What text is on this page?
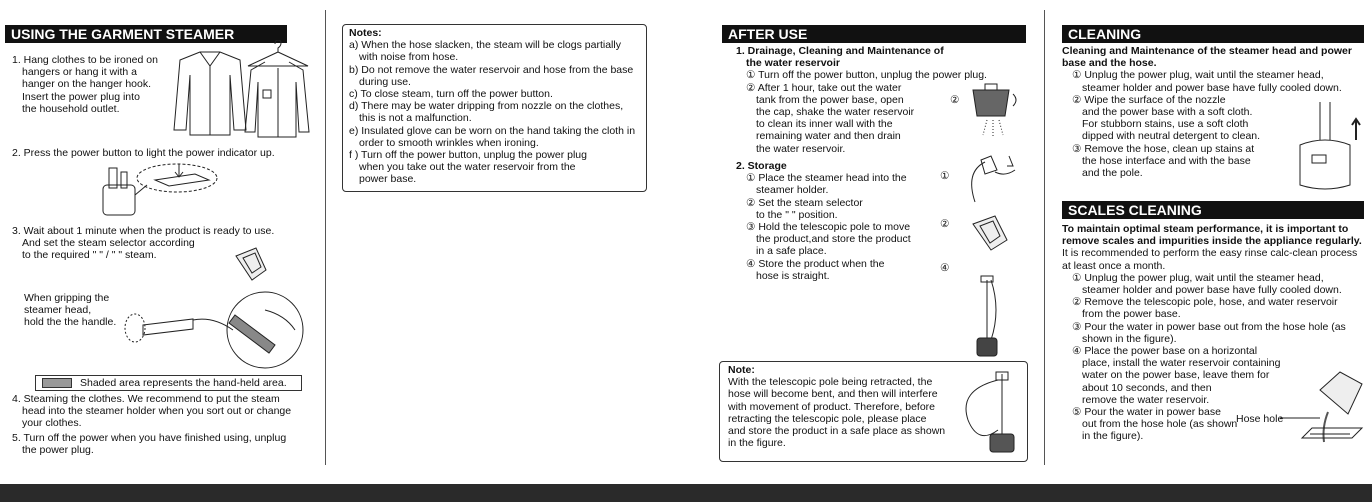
USING THE GARMENT STEAMER
1. Hang clothes to be ironed on
hangers or hang it with a
hanger on the hanger hook.
Insert the power plug into
the household outlet.
2. Press the power button to light the power indicator up.
3. Wait about 1 minute when the product is ready to use.
And set the steam selector according
to the required " " / " " steam.
When gripping the
steamer head,
hold the the handle.
Shaded area represents the hand-held area.
4. Steaming the clothes. We recommend to put the steam
head into the steamer holder when you sort out or change
your clothes.
5. Turn off the power when you have finished using, unplug
the power plug.
Notes:
a) When the hose slacken, the steam will be clogs partially
with noise from hose.
b) Do not remove the water reservoir and hose from the base
during use.
c) To close steam, turn off the power button.
d) There may be water dripping from nozzle on the clothes,
this is not a malfunction.
e) Insulated glove can be worn on the hand taking the cloth in
order to smooth wrinkles when ironing.
f ) Turn off the power button, unplug the power plug
when you take out the water reservoir from the
power base.
AFTER USE
1. Drainage, Cleaning and Maintenance of
the water reservoir
① Turn off the power button, unplug the power plug.
② After 1 hour, take out the water
tank from the power base, open
the cap, shake the water reservoir
to clean its inner wall with the
remaining water and then drain
the water reservoir.
②
2. Storage
① Place the steamer head into the
steamer holder.
② Set the steam selector
to the " " position.
③ Hold the telescopic pole to move
the product,and store the product
in a safe place.
④ Store the product when the
hose is straight.
①
②
④
Note:
With the telescopic pole being retracted, the
hose will become bent, and then will interfere
with movement of product. Therefore, before
retracting the telescopic pole, please place
and store the product in a safe place as shown
in the figure.
CLEANING
Cleaning and Maintenance of the steamer head and power
base and the hose.
① Unplug the power plug, wait until the steamer head,
steamer holder and power base have fully cooled down.
② Wipe the surface of the nozzle
and the power base with a soft cloth.
For stubborn stains, use a soft cloth
dipped with neutral detergent to clean.
③ Remove the hose, clean up stains at
the hose interface and with the base
and the pole.
SCALES CLEANING
To maintain optimal steam performance, it is important to
remove scales and impurities inside the appliance regularly.
It is recommended to perform the easy rinse calc-clean process
at least once a month.
① Unplug the power plug, wait until the steamer head,
steamer holder and power base have fully cooled down.
② Remove the telescopic pole, hose, and water reservoir
from the power base.
③ Pour the water in power base out from the hose hole (as
shown in the figure).
④ Place the power base on a horizontal
place, install the water reservoir containing
water on the power base, leave them for
about 10 seconds, and then
remove the water reservoir.
⑤ Pour the water in power base
out from the hose hole (as shown
in the figure).
Hose hole
